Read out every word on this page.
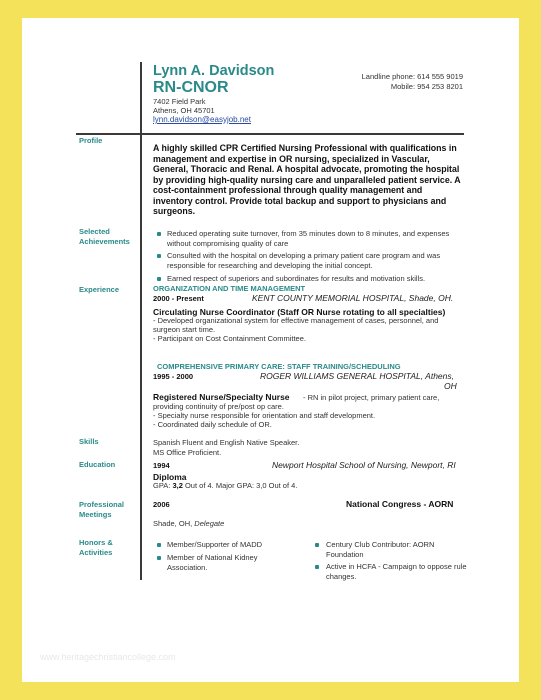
Lynn A. Davidson
RN-CNOR
7402 Field Park
Athens, OH 45701
lynn.davidson@easyjob.net
Landline phone: 614 555 9019
Mobile: 954 253 8201
Profile
A highly skilled CPR Certified Nursing Professional with qualifications in management and expertise in OR nursing, specialized in Vascular, General, Thoracic and Renal. A hospital advocate, promoting the hospital by providing high-quality nursing care and unparalleled patient service. A cost-containment professional through quality management and inventory control. Provide total backup and support to physicians and surgeons.
Selected Achievements
Reduced operating suite turnover, from 35 minutes down to 8 minutes, and expenses without compromising quality of care
Consulted with the hospital on developing a primary patient care program and was responsible for researching and developing the initial concept.
Earned respect of superiors and subordinates for results and motivation skills.
Experience	ORGANIZATION AND TIME MANAGEMENT
2000 - Present	KENT COUNTY MEMORIAL HOSPITAL, Shade, OH.
Circulating Nurse Coordinator (Staff OR Nurse rotating to all specialties)
- Developed organizational system for effective management of cases, personnel, and
surgeon start time.
- Participant on Cost Containment Committee.
COMPREHENSIVE PRIMARY CARE: STAFF TRAINING/SCHEDULING
1995 - 2000	ROGER WILLIAMS GENERAL HOSPITAL, Athens,
OH
Registered Nurse/Specialty Nurse - RN in pilot project, primary patient care,
providing continuity of pre/post op care.
- Specialty nurse responsible for orientation and staff development.
- Coordinated daily schedule of OR.
Skills	Spanish Fluent and English Native Speaker.
MS Office Proficient.
Education	1994	Newport Hospital School of Nursing, Newport, RI
Diploma
GPA: 3,2 Out of 4. Major GPA: 3,0 Out of 4.
Professional Meetings
2006	National Congress - AORN
Shade, OH, Delegate
Honors & Activities
Member/Supporter of MADD
Member of National Kidney Association.
Century Club Contributor: AORN Foundation
Active in HCFA - Campaign to oppose rule changes.
www.heritagechristiancollege.com
